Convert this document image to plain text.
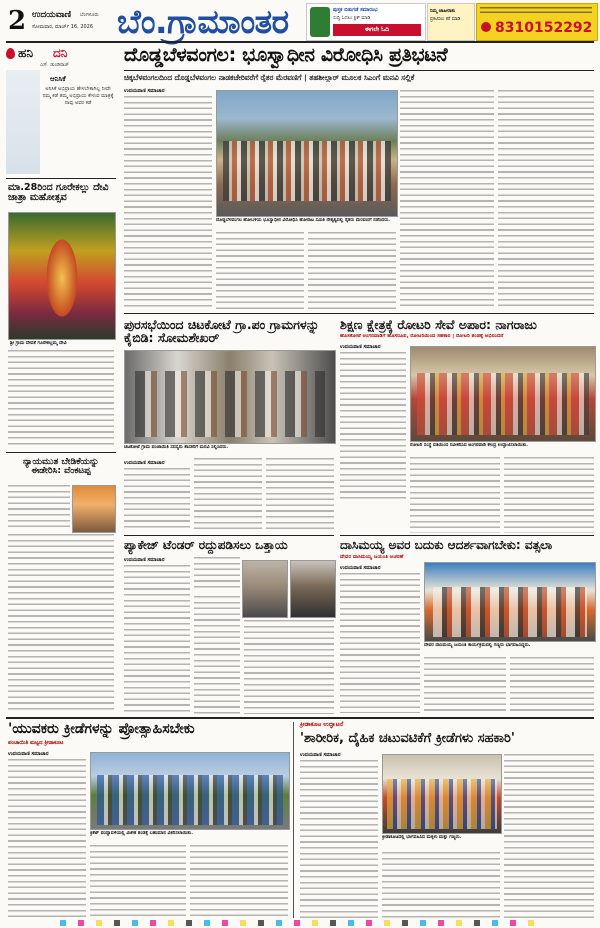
2 ಉದಯವಾಣಿ ಬೆಂಗಳೂರು
ಸೋಮವಾರ, ಮಾರ್ಚ್ 16, 2026 ಬೆಂ.ಗ್ರಾಮಾಂತರ	ಪುಸ್ತಕ ಬಿಡುಗಡೆ ಸಮಾರಂಭ
ಸುದ್ದಿ ಓದಲು ಕ್ಲಿಕ್ ಮಾಡಿ
ಈಗಲೇ ಓದಿ
ನಿಮ್ಮ ಜಾಹೀರಾತು
ಪ್ರಕಟಿಸಲು ಕರೆ ಮಾಡಿ
8310152292
ಹನಿ ದನಿ
ಎಸ್. ಡುಂಡಿರಾಜ್
ಆನಿಸಿಕೆ
ಅನಿಸಿಕೆ ಅಭಿಪ್ರಾಯ ಹೇಳಬೇಕಾಗಿಲ್ಲ ನೀವೇ ನಮ್ಮ ಕಡೆ ತಮ್ಮ ಅಭಿಪ್ರಾಯ ಕೇಳುವ ಮಾತ್ರಕ್ಕೆ ನಾವು ಅವರ ಕಡೆ
ಮಾ.28ರಿಂದ ಗೂರೇಕಲ್ಲು ದೇವಿ ಜಾತ್ರಾ ಮಹೋತ್ಸವ
ಶ್ರೀ ಗ್ರಾಮ ದೇವತೆ ಗೂರೇಕಲ್ಲಮ್ಮ ದೇವಿ
ನ್ಯಾಯಮುತ ಬೇಡಿಕೆಯನ್ನು ಈಡೇರಿಸಿ: ವೆಂಕಟಪ್ಪ
ದೊಡ್ಡಬೆಳವಂಗಲ: ಭೂಸ್ವಾಧೀನ ವಿರೋಧಿಸಿ ಪ್ರತಿಭಟನೆ
ಚಿಕ್ಕಬೆಳವಂಗಲದಿಂದ ದೊಡ್ಡಬೆಳವಂಗಲ ನಾಡಕಚೇರಿವರೆಗೆ ರೈತರ ಮೆರವಣಿಗೆ | ತಹಶೀಲ್ದಾರ್ ಮೂಲಕ ಸಿಎಂಗೆ ಮನವಿ ಸಲ್ಲಿಕೆ
ಉದಯವಾಣಿ ಸಮಾಚಾರ
ದೊಡ್ಡಬೆಳವಂಗಲ ಹೋಬಳಿಯ ಭೂಸ್ವಾಧೀನ ವಿರೋಧಿಸಿ ಹೋರಾಟ ಸಮಿತಿ ನೇತೃತ್ವದಲ್ಲಿ ರೈತರು ಮೆರವಣಿಗೆ ನಡೆಸಿದರು.
ಪುರಸಭೆಯಿಂದ ಚಿಟಕೋಟೆ ಗ್ರಾ.ಪಂ ಗ್ರಾಮಗಳನ್ನು ಕೈಬಿಡಿ: ಸೋಮಶೇಖರ್
ಚಿಟಕೋಟೆ ಗ್ರಾಮ ಪಂಚಾಯಿತಿ ಸದಸ್ಯರು ಶಾಸಕರಿಗೆ ಮನವಿ ಸಲ್ಲಿಸಿದರು.
ಉದಯವಾಣಿ ಸಮಾಚಾರ
ಪ್ಯಾಕೇಜ್ ಟೆಂಡರ್ ರದ್ದುಪಡಿಸಲು ಒತ್ತಾಯ
ಉದಯವಾಣಿ ಸಮಾಚಾರ
ಶಿಕ್ಷಣ ಕ್ಷೇತ್ರಕ್ಕೆ ರೋಟರಿ ಸೇವೆ ಅಪಾರ: ನಾಗರಾಜು
ಹೊಸಕೋಟೆ ಅಂಗನವಾಡಿಗೆ ಹೊಸರೂಪ, ರೋಟರಿಯಿಂದ ಸಹಕಾರ | ರೋಟರಿ ತಂಡಕ್ಕೆ ಅಭಿನಂದನೆ
ಉದಯವಾಣಿ ಸಮಾಚಾರ
ರೋಟರಿ ಸಂಸ್ಥೆ ವತಿಯಿಂದ ನವೀಕರಿಸಿದ ಅಂಗನವಾಡಿ ಕೇಂದ್ರ ಉದ್ಘಾಟಿಸಲಾಯಿತು.
ದಾಸಿಮಯ್ಯ ಅವರ ಬದುಕು ಆದರ್ಶವಾಗಬೇಕು: ವತ್ಸಲಾ
ದೇವರ ದಾಸಿಮಯ್ಯ ಜಯಂತಿ ಆಚರಣೆ
ಉದಯವಾಣಿ ಸಮಾಚಾರ
ದೇವರ ದಾಸಿಮಯ್ಯ ಜಯಂತಿ ಕಾರ್ಯಕ್ರಮದಲ್ಲಿ ಗಣ್ಯರು ಭಾಗವಹಿಸಿದ್ದರು.
'ಯುವಕರು ಕ್ರೀಡೆಗಳನ್ನು ಪ್ರೋತ್ಸಾಹಿಸಬೇಕು
ಪಂಚಾಯಿತಿ ಮಟ್ಟದ ಕ್ರೀಡಾಕೂಟ
ಉದಯವಾಣಿ ಸಮಾಚಾರ
ಕ್ರಿಕೆಟ್ ಪಂದ್ಯಾವಳಿಯಲ್ಲಿ ವಿಜೇತ ತಂಡಕ್ಕೆ ಬಹುಮಾನ ವಿತರಿಸಲಾಯಿತು.
ಕ್ರೀಡಾಕೂಟ ಉದ್ಘಾಟನೆ
'ಶಾರೀರಿಕ, ದೈಹಿಕ ಚಟುವಟಿಕೆಗೆ ಕ್ರೀಡೆಗಳು ಸಹಕಾರಿ'
ಉದಯವಾಣಿ ಸಮಾಚಾರ
ಕ್ರೀಡಾಕೂಟದಲ್ಲಿ ಭಾಗವಹಿಸಿದ ಮಕ್ಕಳು ಮತ್ತು ಗಣ್ಯರು.
